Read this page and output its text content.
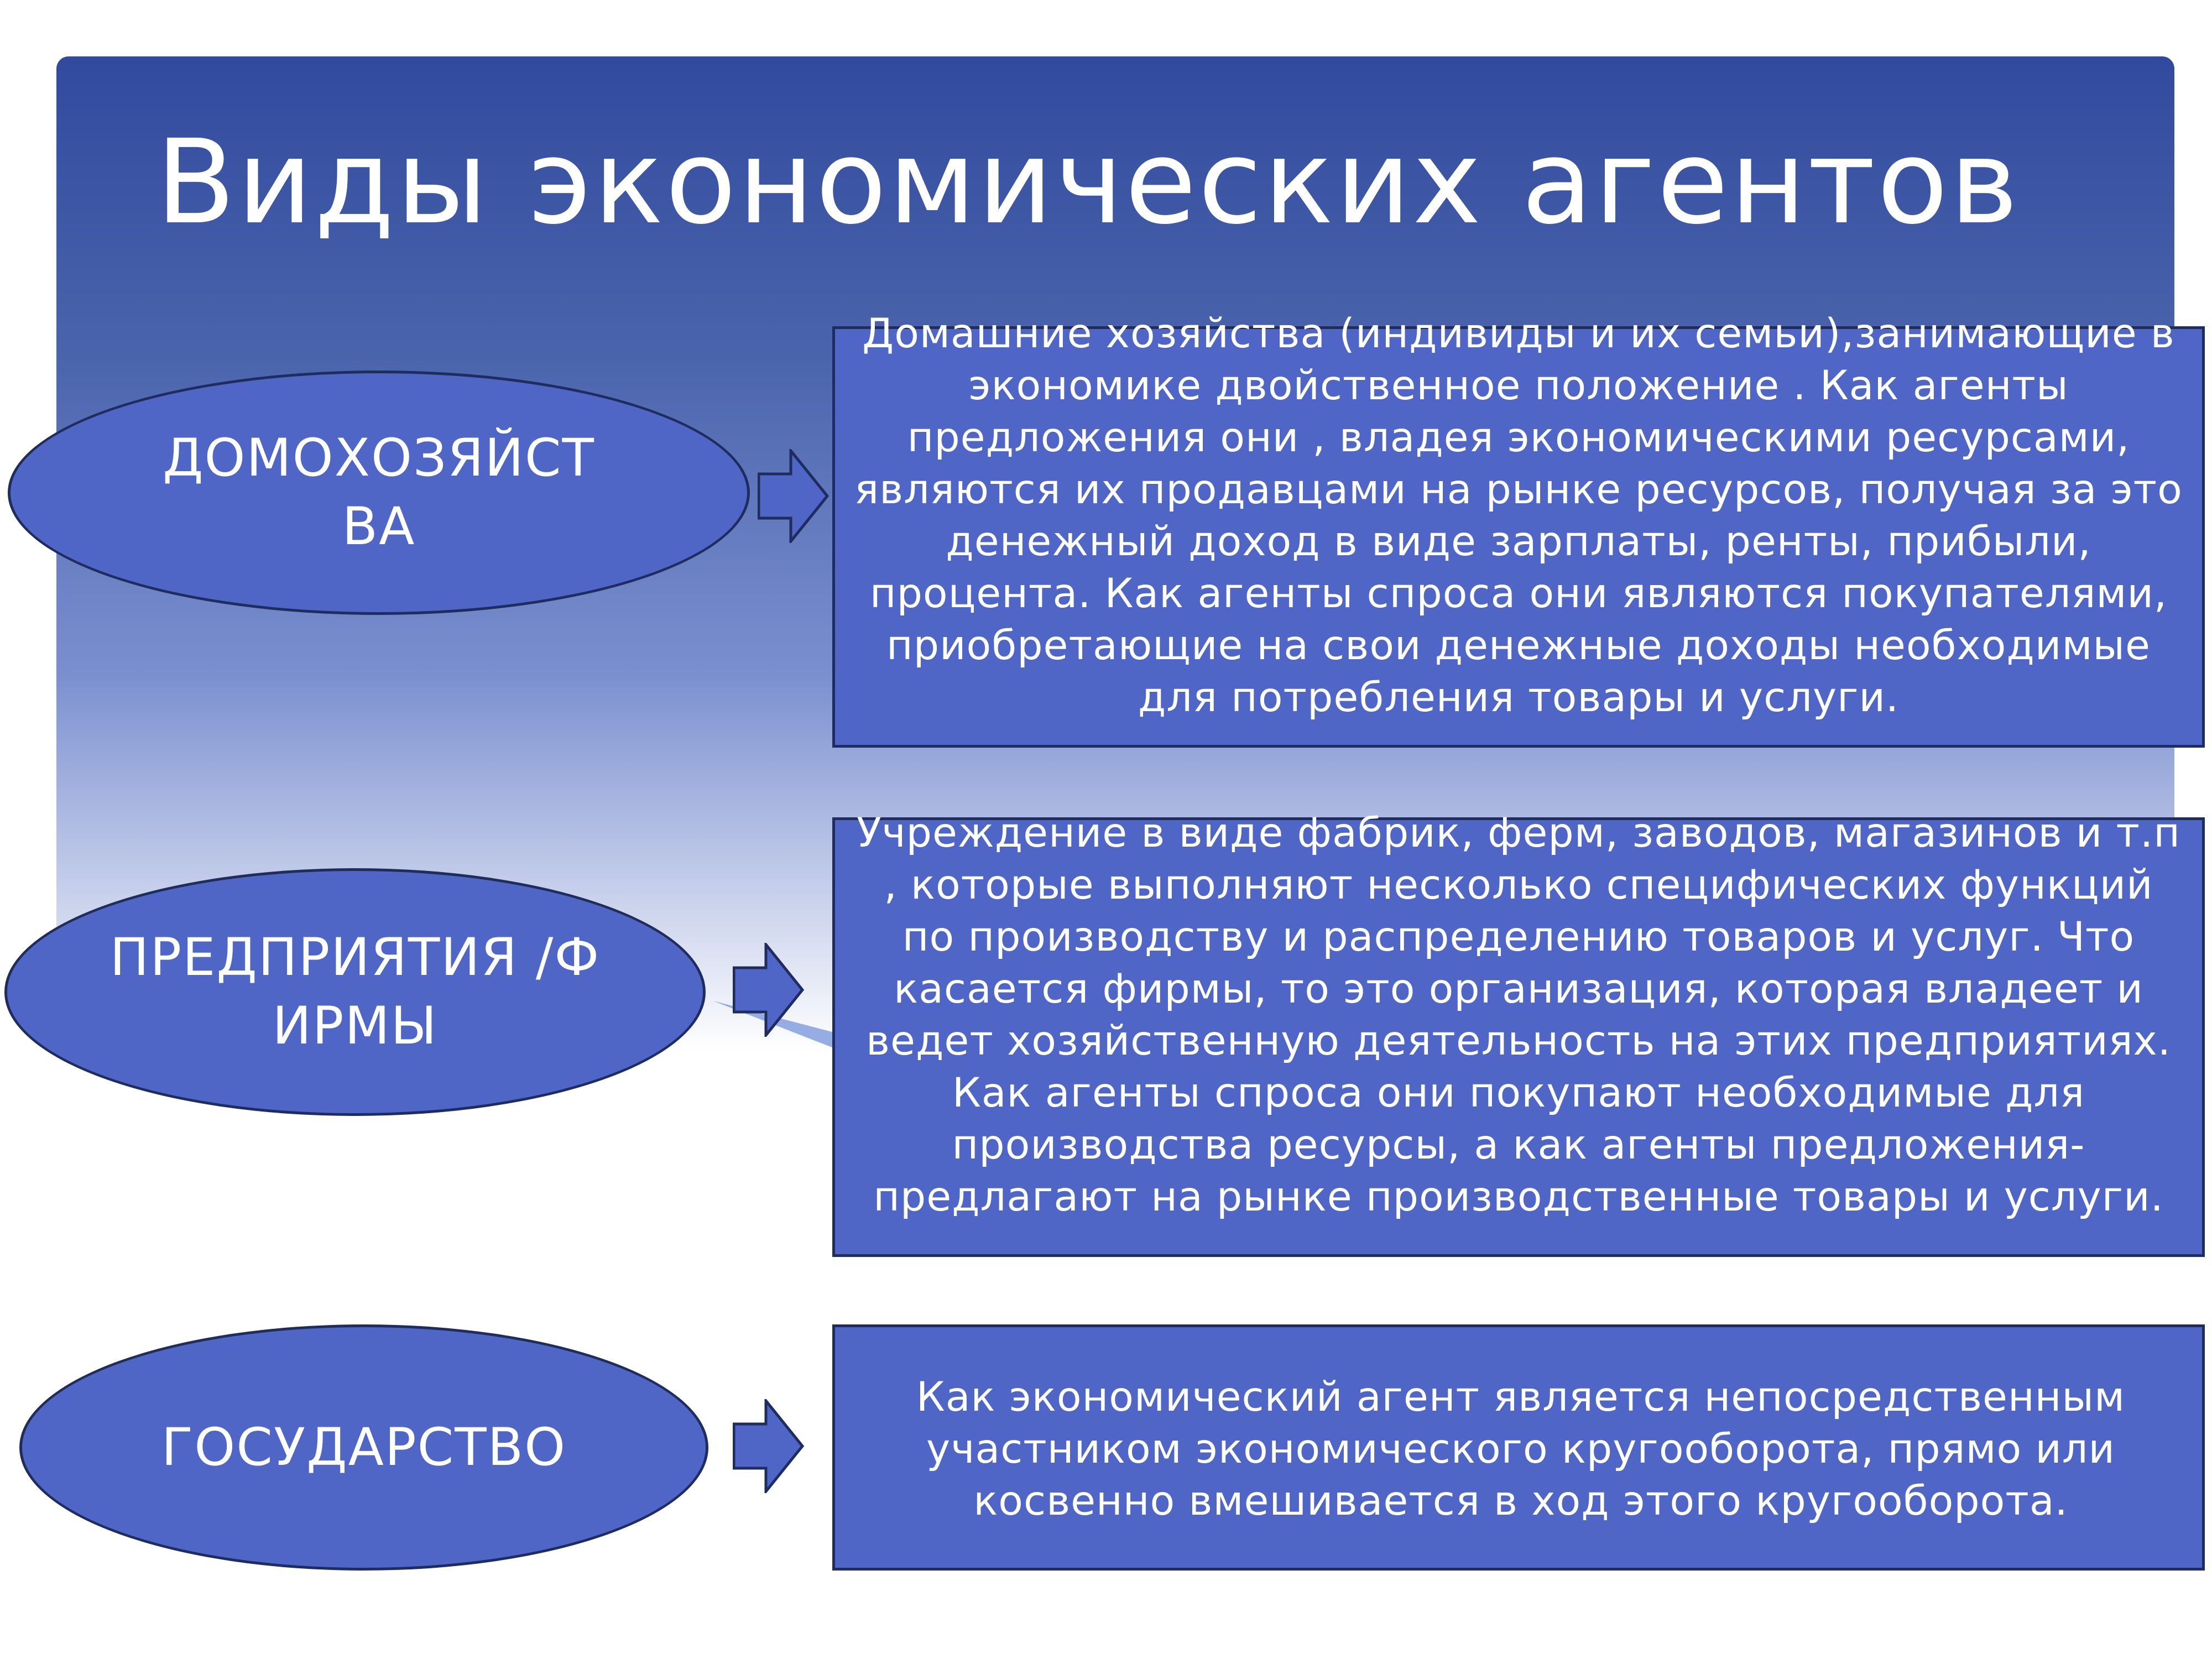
Виды экономических агентов
ДОМОХОЗЯЙСТ ВА
Домашние хозяйства (индивиды и их семьи),занимающие в экономике двойственное положение . Как агенты предложения они , владея экономическими ресурсами, являются их продавцами на рынке ресурсов, получая за это денежный доход в виде зарплаты, ренты, прибыли, процента. Как агенты спроса они являются покупателями, приобретающие на свои денежные доходы необходимые для потребления товары и услуги.
ПРЕДПРИЯТИЯ /ФИРМЫ
Учреждение в виде фабрик, ферм, заводов, магазинов и т.п , которые выполняют несколько специфических функций по производству и распределению товаров и услуг. Что касается фирмы, то это организация, которая владеет и ведет хозяйственную деятельность на этих предприятиях. Как агенты спроса они покупают необходимые для производства ресурсы, а как агенты предложения-предлагают на рынке производственные товары и услуги.
ГОСУДАРСТВО
Как экономический агент является непосредственным участником экономического кругооборота, прямо или косвенно вмешивается в ход этого кругооборота.
